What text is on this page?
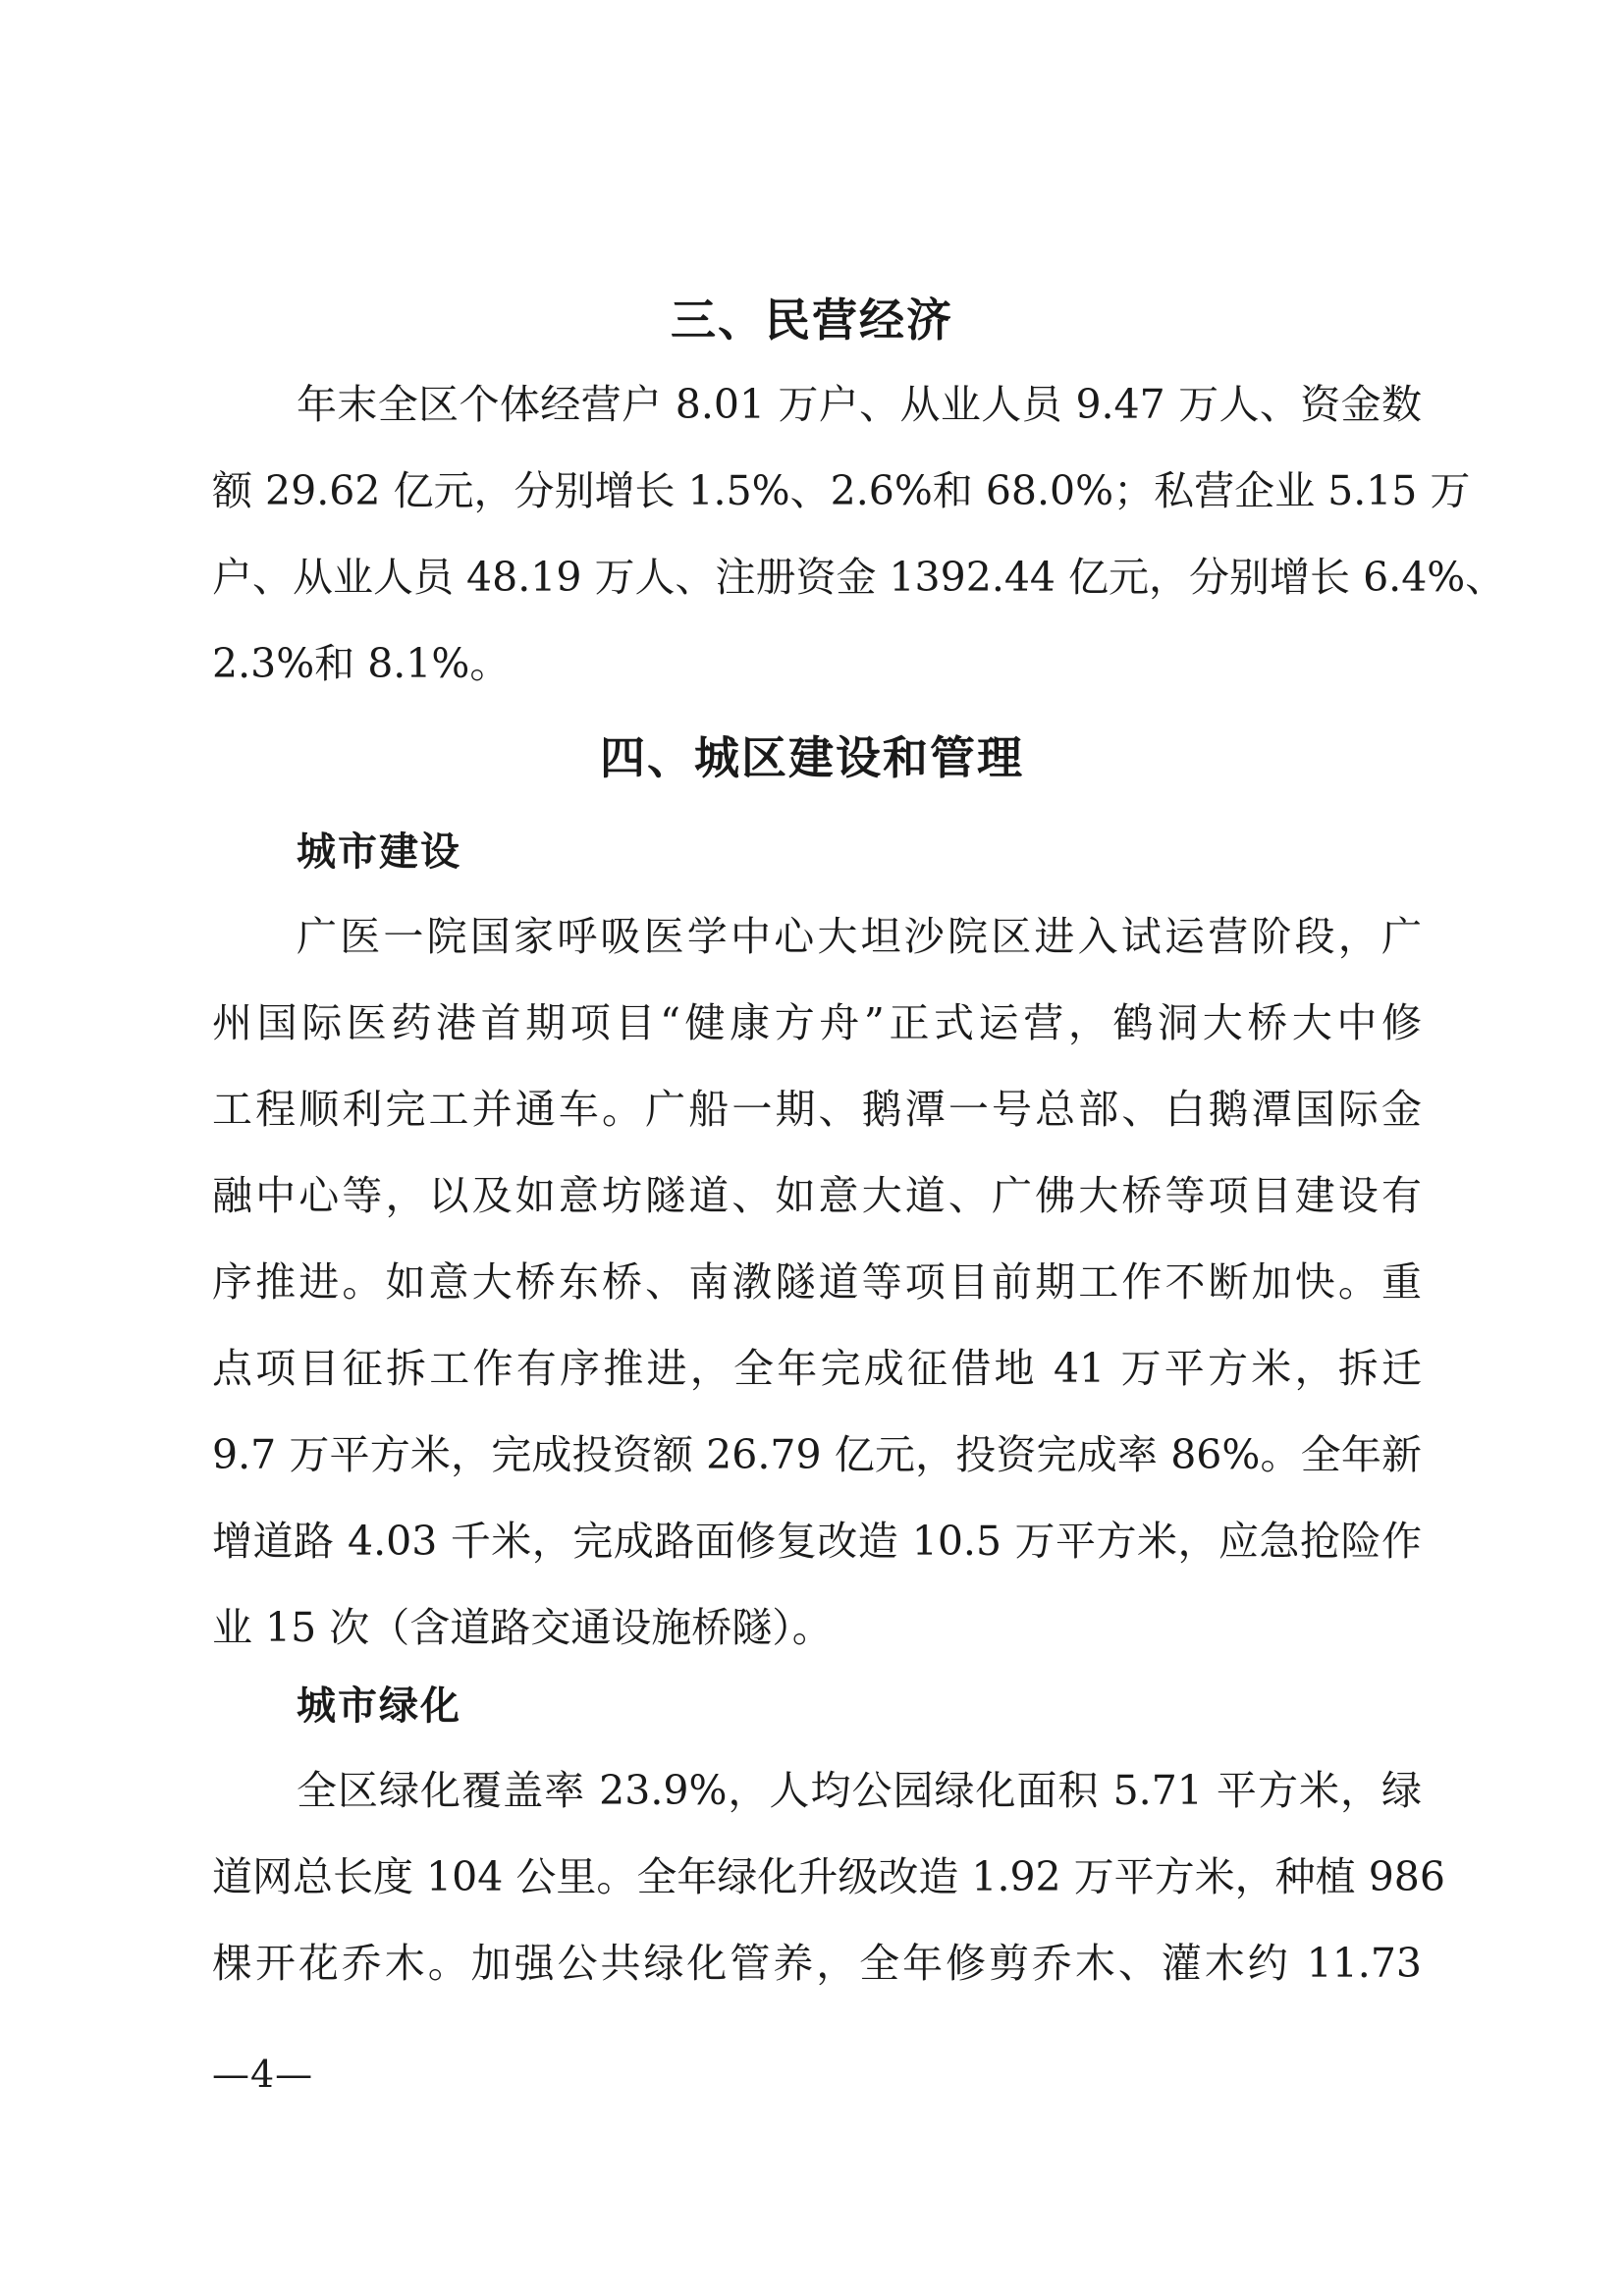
三、民营经济
年末全区个体经营户 8.01 万户、从业人员 9.47 万人、资金数
额 29.62 亿元，分别增长 1.5%、2.6%和 68.0%；私营企业 5.15 万
户、从业人员 48.19 万人、注册资金 1392.44 亿元，分别增长 6.4%、
2.3%和 8.1%。
四、城区建设和管理
城市建设
广医一院国家呼吸医学中心大坦沙院区进入试运营阶段，广
州国际医药港首期项目“健康方舟”正式运营，鹤洞大桥大中修
工程顺利完工并通车。广船一期、鹅潭一号总部、白鹅潭国际金
融中心等，以及如意坊隧道、如意大道、广佛大桥等项目建设有
序推进。如意大桥东桥、南漖隧道等项目前期工作不断加快。重
点项目征拆工作有序推进，全年完成征借地 41 万平方米，拆迁
9.7 万平方米，完成投资额 26.79 亿元，投资完成率 86%。全年新
增道路 4.03 千米，完成路面修复改造 10.5 万平方米，应急抢险作
业 15 次（含道路交通设施桥隧）。
城市绿化
全区绿化覆盖率 23.9%，人均公园绿化面积 5.71 平方米，绿
道网总长度 104 公里。全年绿化升级改造 1.92 万平方米，种植 986
棵开花乔木。加强公共绿化管养，全年修剪乔木、灌木约 11.73
—4—
